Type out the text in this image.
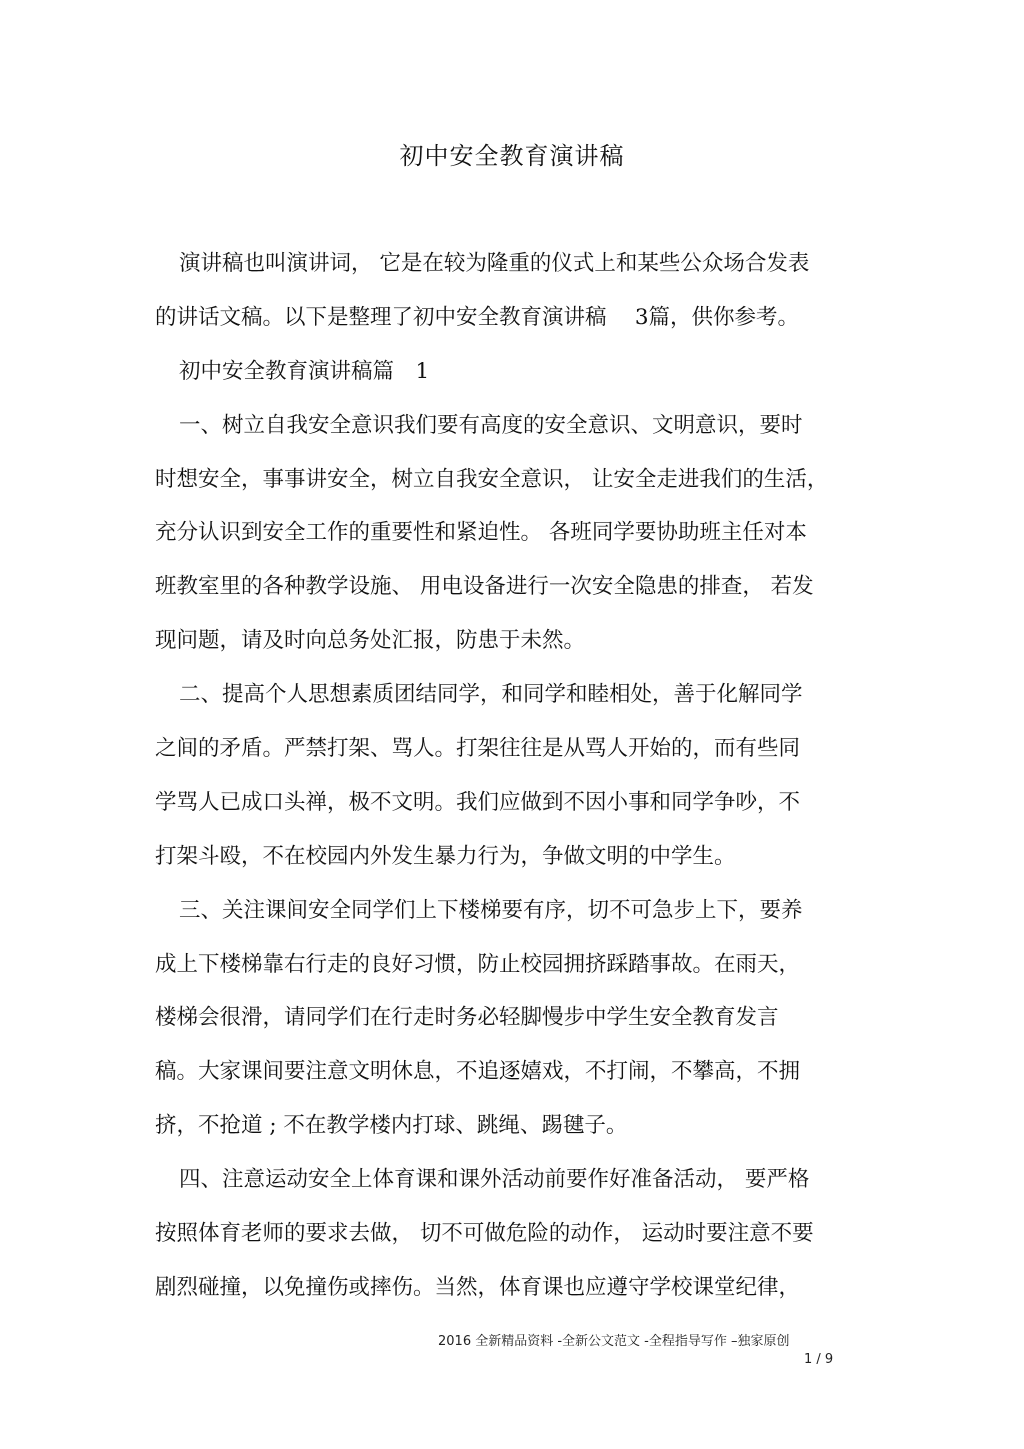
初中安全教育演讲稿
演讲稿也叫演讲词， 它是在较为隆重的仪式上和某些公众场合发表
的讲话文稿。以下是整理了初中安全教育演讲稿　 3篇，供你参考。
初中安全教育演讲稿篇　1
一、树立自我安全意识我们要有高度的安全意识、文明意识，要时
时想安全，事事讲安全，树立自我安全意识， 让安全走进我们的生活，
充分认识到安全工作的重要性和紧迫性。 各班同学要协助班主任对本
班教室里的各种教学设施、 用电设备进行一次安全隐患的排查， 若发
现问题，请及时向总务处汇报，防患于未然。
二、提高个人思想素质团结同学，和同学和睦相处，善于化解同学
之间的矛盾。严禁打架、骂人。打架往往是从骂人开始的，而有些同
学骂人已成口头禅，极不文明。我们应做到不因小事和同学争吵，不
打架斗殴，不在校园内外发生暴力行为，争做文明的中学生。
三、关注课间安全同学们上下楼梯要有序，切不可急步上下，要养
成上下楼梯靠右行走的良好习惯，防止校园拥挤踩踏事故。在雨天，
楼梯会很滑，请同学们在行走时务必轻脚慢步中学生安全教育发言
稿。大家课间要注意文明休息，不追逐嬉戏，不打闹，不攀高，不拥
挤，不抢道 ; 不在教学楼内打球、跳绳、踢毽子。
四、注意运动安全上体育课和课外活动前要作好准备活动， 要严格
按照体育老师的要求去做， 切不可做危险的动作， 运动时要注意不要
剧烈碰撞，以免撞伤或摔伤。当然，体育课也应遵守学校课堂纪律，
2016 全新精品资料 -全新公文范文 -全程指导写作 –独家原创
1 / 9
